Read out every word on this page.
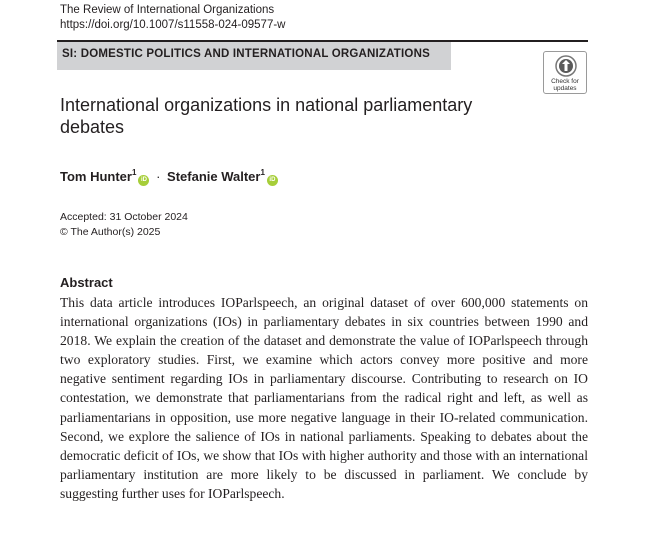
The Review of International Organizations
https://doi.org/10.1007/s11558-024-09577-w
SI: DOMESTIC POLITICS AND INTERNATIONAL ORGANIZATIONS
Check for
updates
International organizations in national parliamentary debates
Tom Hunter$^1$iD · Stefanie Walter$^1$iD
Accepted: 31 October 2024
© The Author(s) 2025
Abstract

This data article introduces IOParlspeech, an original dataset of over 600,000 statements on international organizations (IOs) in parliamentary debates in six countries between 1990 and 2018. We explain the creation of the dataset and demonstrate the value of IOParlspeech through two exploratory studies. First, we examine which actors convey more positive and more negative sentiment regarding IOs in parliamentary discourse. Contributing to research on IO contestation, we demonstrate that parliamentarians from the radical right and left, as well as parliamentarians in opposition, use more negative language in their IO-related communication. Second, we explore the salience of IOs in national parliaments. Speaking to debates about the democratic deficit of IOs, we show that IOs with higher authority and those with an international parliamentary institution are more likely to be discussed in parliament. We conclude by suggesting further uses for IOParlspeech.
